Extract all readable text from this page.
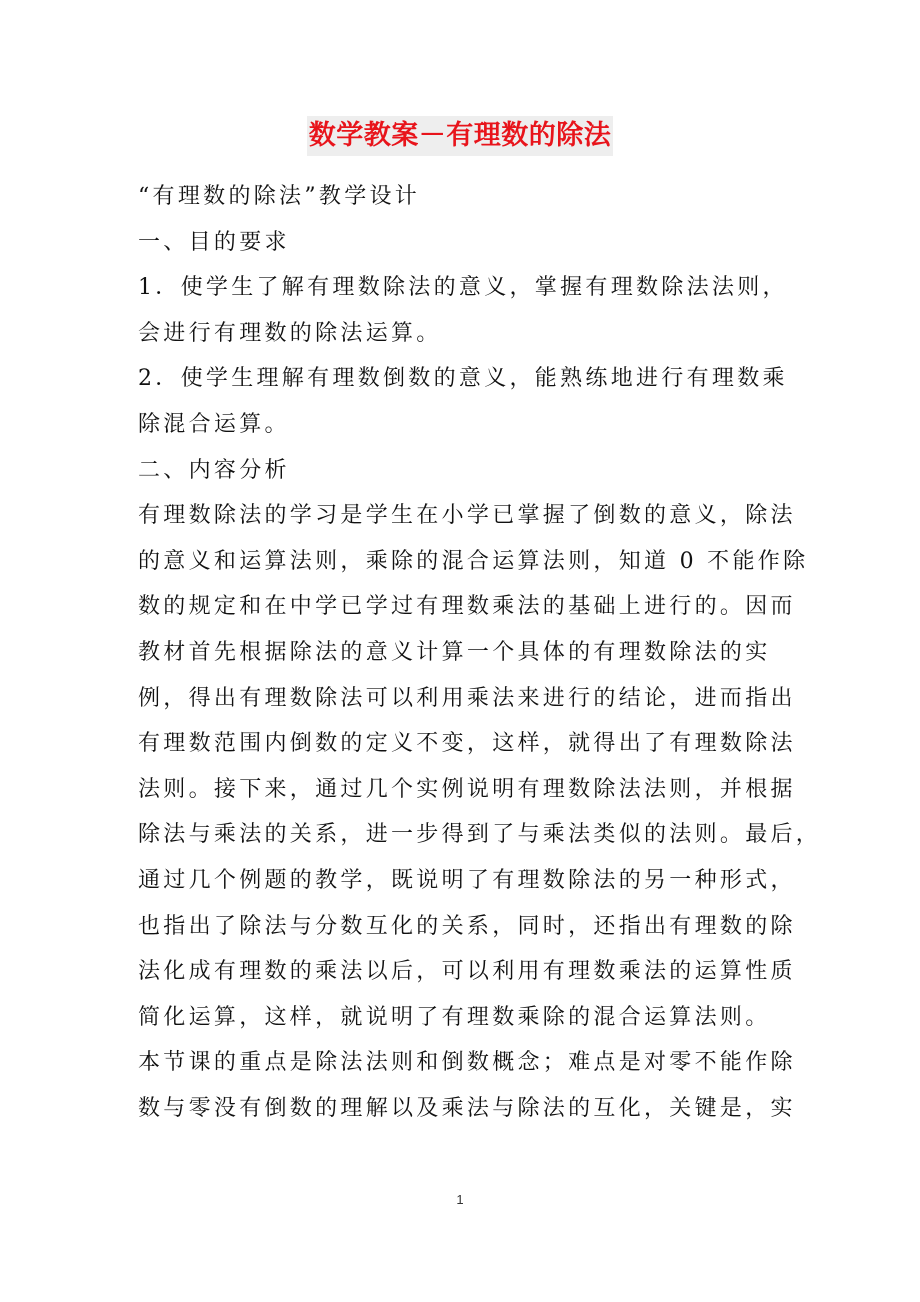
数学教案－有理数的除法
“有理数的除法”教学设计
一、目的要求
1．使学生了解有理数除法的意义，掌握有理数除法法则，
会进行有理数的除法运算。
2．使学生理解有理数倒数的意义，能熟练地进行有理数乘
除混合运算。
二、内容分析
有理数除法的学习是学生在小学已掌握了倒数的意义，除法
的意义和运算法则，乘除的混合运算法则，知道 0 不能作除
数的规定和在中学已学过有理数乘法的基础上进行的。因而
教材首先根据除法的意义计算一个具体的有理数除法的实
例，得出有理数除法可以利用乘法来进行的结论，进而指出
有理数范围内倒数的定义不变，这样，就得出了有理数除法
法则。接下来，通过几个实例说明有理数除法法则，并根据
除法与乘法的关系，进一步得到了与乘法类似的法则。最后，
通过几个例题的教学，既说明了有理数除法的另一种形式，
也指出了除法与分数互化的关系，同时，还指出有理数的除
法化成有理数的乘法以后，可以利用有理数乘法的运算性质
简化运算，这样，就说明了有理数乘除的混合运算法则。
本节课的重点是除法法则和倒数概念；难点是对零不能作除
数与零没有倒数的理解以及乘法与除法的互化，关键是，实
1
